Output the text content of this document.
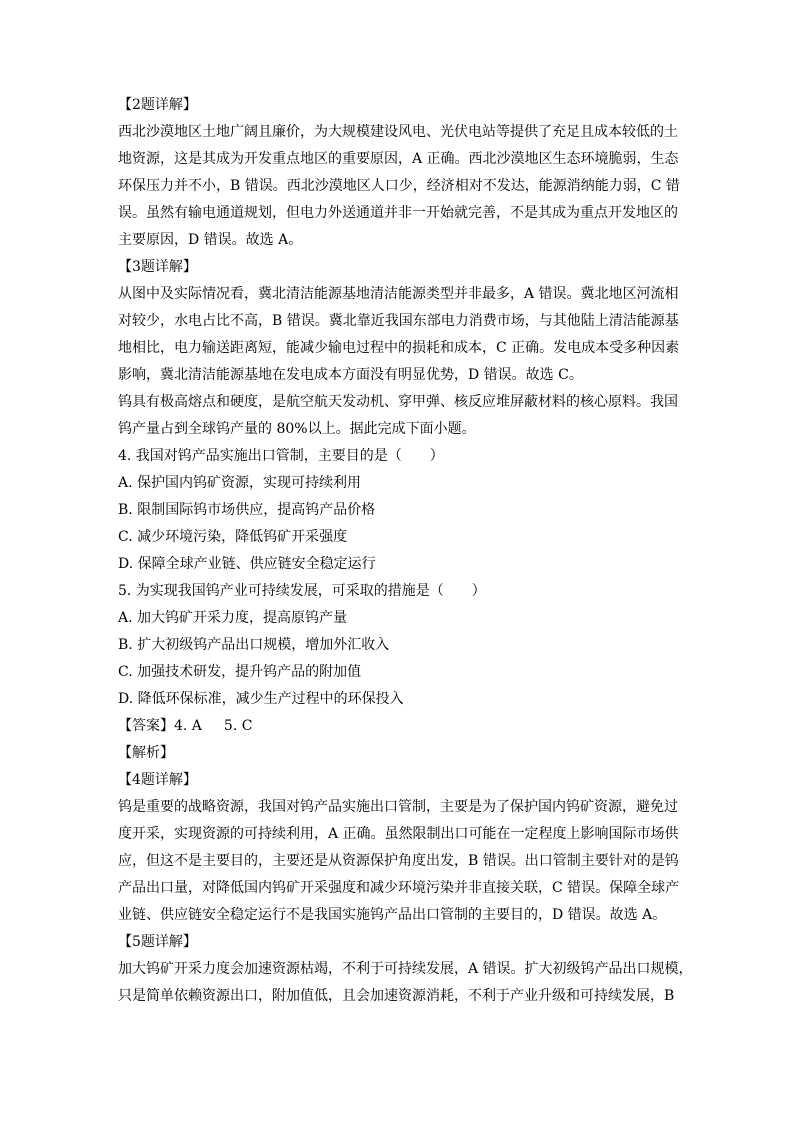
【2题详解】
西北沙漠地区土地广阔且廉价，为大规模建设风电、光伏电站等提供了充足且成本较低的土
地资源，这是其成为开发重点地区的重要原因，A 正确。西北沙漠地区生态环境脆弱，生态
环保压力并不小，B 错误。西北沙漠地区人口少，经济相对不发达，能源消纳能力弱，C 错
误。虽然有输电通道规划，但电力外送通道并非一开始就完善，不是其成为重点开发地区的
主要原因，D 错误。故选 A。
【3题详解】
从图中及实际情况看，冀北清洁能源基地清洁能源类型并非最多，A 错误。冀北地区河流相
对较少，水电占比不高，B 错误。冀北靠近我国东部电力消费市场，与其他陆上清洁能源基
地相比，电力输送距离短，能减少输电过程中的损耗和成本，C 正确。发电成本受多种因素
影响，冀北清洁能源基地在发电成本方面没有明显优势，D 错误。故选 C。
钨具有极高熔点和硬度，是航空航天发动机、穿甲弹、核反应堆屏蔽材料的核心原料。我国
钨产量占到全球钨产量的 80%以上。据此完成下面小题。
4. 我国对钨产品实施出口管制，主要目的是（　　）
A. 保护国内钨矿资源，实现可持续利用
B. 限制国际钨市场供应，提高钨产品价格
C. 减少环境污染，降低钨矿开采强度
D. 保障全球产业链、供应链安全稳定运行
5. 为实现我国钨产业可持续发展，可采取的措施是（　　）
A. 加大钨矿开采力度，提高原钨产量
B. 扩大初级钨产品出口规模，增加外汇收入
C. 加强技术研发，提升钨产品的附加值
D. 降低环保标准，减少生产过程中的环保投入
【答案】4. A 5. C
【解析】
【4题详解】
钨是重要的战略资源，我国对钨产品实施出口管制，主要是为了保护国内钨矿资源，避免过
度开采，实现资源的可持续利用，A 正确。虽然限制出口可能在一定程度上影响国际市场供
应，但这不是主要目的，主要还是从资源保护角度出发，B 错误。出口管制主要针对的是钨
产品出口量，对降低国内钨矿开采强度和减少环境污染并非直接关联，C 错误。保障全球产
业链、供应链安全稳定运行不是我国实施钨产品出口管制的主要目的，D 错误。故选 A。
【5题详解】
加大钨矿开采力度会加速资源枯竭，不利于可持续发展，A 错误。扩大初级钨产品出口规模，
只是简单依赖资源出口，附加值低，且会加速资源消耗，不利于产业升级和可持续发展，B
